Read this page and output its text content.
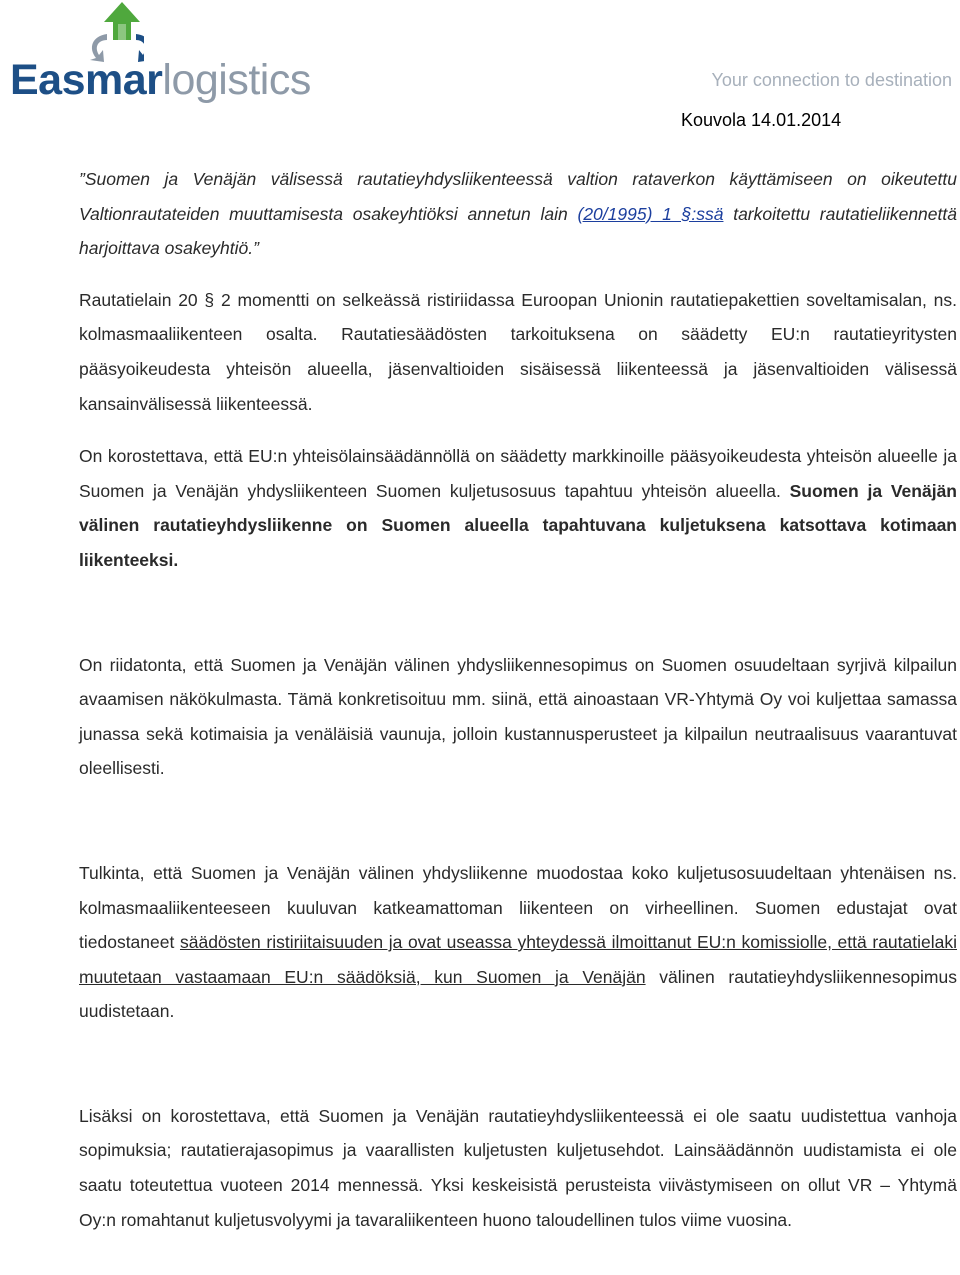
Easmarlogistics	Your connection to destination
Kouvola 14.01.2014

”Suomen ja Venäjän välisessä rautatieyhdysliikenteessä valtion rataverkon käyttämiseen on oikeutettu Valtionrautateiden muuttamisesta osakeyhtiöksi annetun lain (20/1995) 1 §:ssä tarkoitettu rautatieliikennettä harjoittava osakeyhtiö.”

Rautatielain 20 § 2 momentti on selkeässä ristiriidassa Euroopan Unionin rautatiepakettien soveltamisalan, ns. kolmasmaaliikenteen osalta. Rautatiesäädösten tarkoituksena on säädetty EU:n rautatieyritysten pääsyoikeudesta yhteisön alueella, jäsenvaltioiden sisäisessä liikenteessä ja jäsenvaltioiden välisessä kansainvälisessä liikenteessä.

On korostettava, että EU:n yhteisölainsäädännöllä on säädetty markkinoille pääsyoikeudesta yhteisön alueelle ja Suomen ja Venäjän yhdysliikenteen Suomen kuljetusosuus tapahtuu yhteisön alueella. Suomen ja Venäjän välinen rautatieyhdysliikenne on Suomen alueella tapahtuvana kuljetuksena katsottava kotimaan liikenteeksi.

On riidatonta, että Suomen ja Venäjän välinen yhdysliikennesopimus on Suomen osuudeltaan syrjivä kilpailun avaamisen näkökulmasta. Tämä konkretisoituu mm. siinä, että ainoastaan VR-Yhtymä Oy voi kuljettaa samassa junassa sekä kotimaisia ja venäläisiä vaunuja, jolloin kustannusperusteet ja kilpailun neutraalisuus vaarantuvat oleellisesti.

Tulkinta, että Suomen ja Venäjän välinen yhdysliikenne muodostaa koko kuljetusosuudeltaan yhtenäisen ns. kolmasmaaliikenteeseen kuuluvan katkeamattoman liikenteen on virheellinen. Suomen edustajat ovat tiedostaneet säädösten ristiriitaisuuden ja ovat useassa yhteydessä ilmoittanut EU:n komissiolle, että rautatielaki muutetaan vastaamaan EU:n säädöksiä, kun Suomen ja Venäjän välinen rautatieyhdysliikennesopimus uudistetaan.

Lisäksi on korostettava, että Suomen ja Venäjän rautatieyhdysliikenteessä ei ole saatu uudistettua vanhoja sopimuksia; rautatierajasopimus ja vaarallisten kuljetusten kuljetusehdot. Lainsäädännön uudistamista ei ole saatu toteutettua vuoteen 2014 mennessä. Yksi keskeisistä perusteista viivästymiseen on ollut VR – Yhtymä Oy:n romahtanut kuljetusvolyymi ja tavaraliikenteen huono taloudellinen tulos viime vuosina.
